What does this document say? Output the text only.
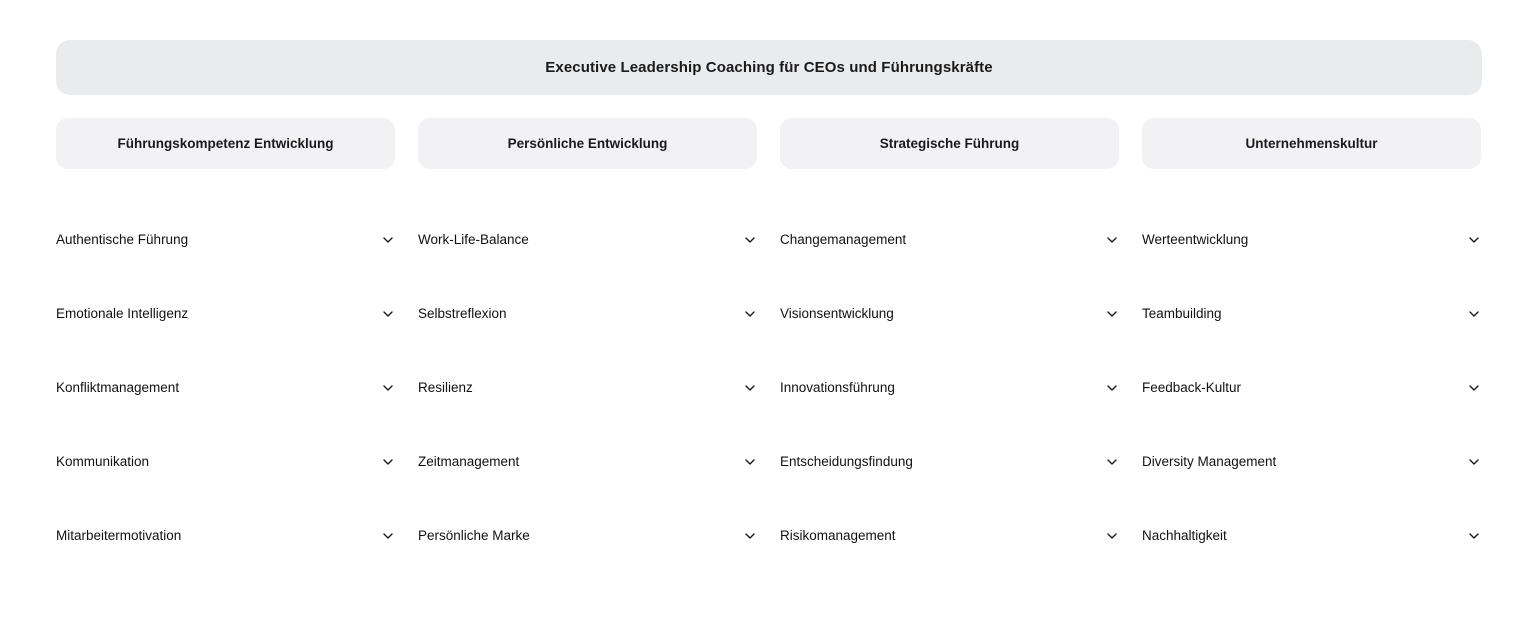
Executive Leadership Coaching für CEOs und Führungskräfte
Führungskompetenz Entwicklung
Authentische Führung
Emotionale Intelligenz
Konfliktmanagement
Kommunikation
Mitarbeitermotivation
Persönliche Entwicklung
Work-Life-Balance
Selbstreflexion
Resilienz
Zeitmanagement
Persönliche Marke
Strategische Führung
Changemanagement
Visionsentwicklung
Innovationsführung
Entscheidungsfindung
Risikomanagement
Unternehmenskultur
Werteentwicklung
Teambuilding
Feedback-Kultur
Diversity Management
Nachhaltigkeit
